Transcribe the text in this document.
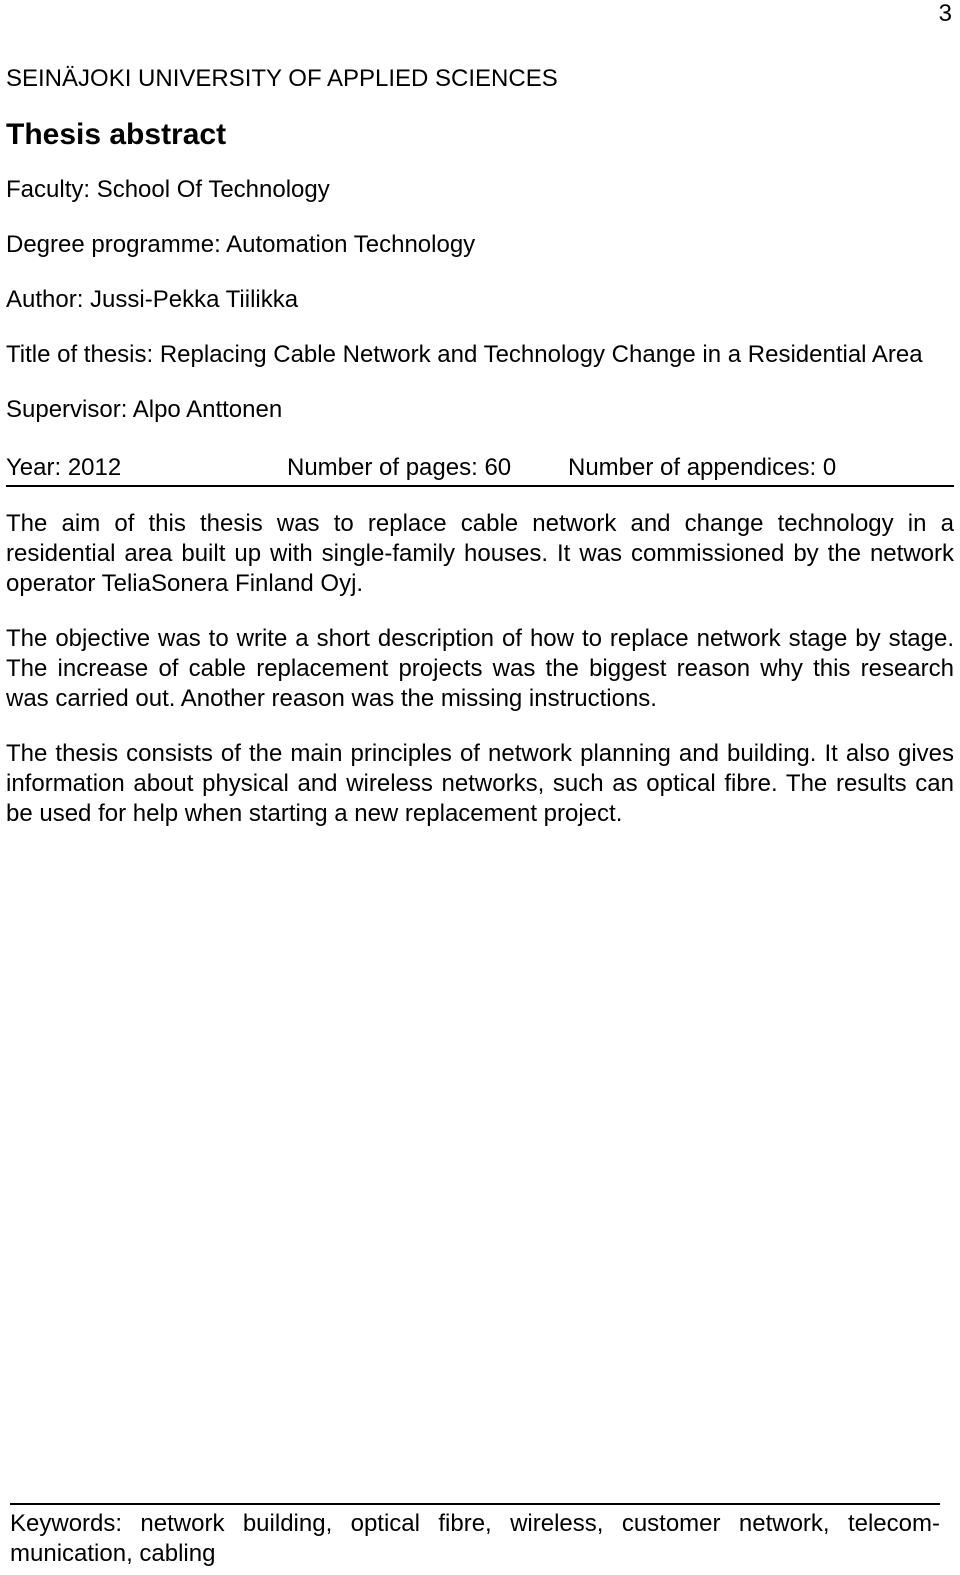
3
SEINÄJOKI UNIVERSITY OF APPLIED SCIENCES
Thesis abstract
Faculty: School Of Technology
Degree programme: Automation Technology
Author: Jussi-Pekka Tiilikka
Title of thesis: Replacing Cable Network and Technology Change in a Residential Area
Supervisor: Alpo Anttonen
Year: 2012	Number of pages: 60 Number of appendices: 0

The aim of this thesis was to replace cable network and change technology in a residential area built up with single-family houses. It was commissioned by the network operator TeliaSonera Finland Oyj.

The objective was to write a short description of how to replace network stage by stage. The increase of cable replacement projects was the biggest reason why this research was carried out. Another reason was the missing instructions.

The thesis consists of the main principles of network planning and building. It also gives information about physical and wireless networks, such as optical fibre. The results can be used for help when starting a new replacement project.

Keywords: network building, optical fibre, wireless, customer network, telecom-munication, cabling
